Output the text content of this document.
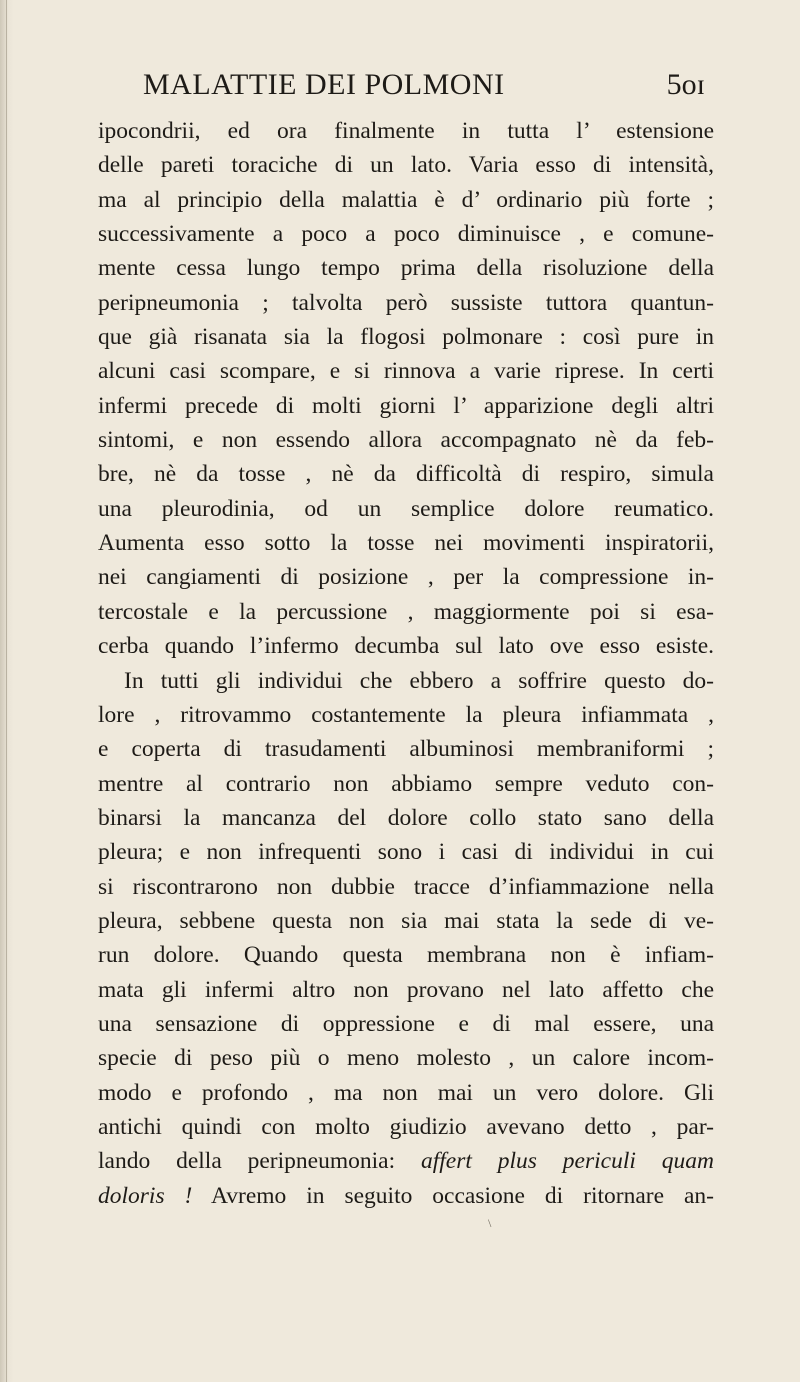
MALATTIE DEI POLMONI	5oɪ
ipocondrii, ed ora finalmente in tutta l’ estensione
delle pareti toraciche di un lato. Varia esso di intensità,
ma al principio della malattia è d’ ordinario più forte ;
successivamente a poco a poco diminuisce , e comune-
mente cessa lungo tempo prima della risoluzione della
peripneumonia ; talvolta però sussiste tuttora quantun-
que già risanata sia la flogosi polmonare : così pure in
alcuni casi scompare, e si rinnova a varie riprese. In certi
infermi precede di molti giorni l’ apparizione degli altri
sintomi, e non essendo allora accompagnato nè da feb-
bre, nè da tosse , nè da difficoltà di respiro, simula
una pleurodinia, od un semplice dolore reumatico.
Aumenta esso sotto la tosse nei movimenti inspiratorii,
nei cangiamenti di posizione , per la compressione in-
tercostale e la percussione , maggiormente poi si esa-
cerba quando l’infermo decumba sul lato ove esso esiste.
In tutti gli individui che ebbero a soffrire questo do-
lore , ritrovammo costantemente la pleura infiammata ,
e coperta di trasudamenti albuminosi membraniformi ;
mentre al contrario non abbiamo sempre veduto con-
binarsi la mancanza del dolore collo stato sano della
pleura; e non infrequenti sono i casi di individui in cui
si riscontrarono non dubbie tracce d’infiammazione nella
pleura, sebbene questa non sia mai stata la sede di ve-
run dolore. Quando questa membrana non è infiam-
mata gli infermi altro non provano nel lato affetto che
una sensazione di oppressione e di mal essere, una
specie di peso più o meno molesto , un calore incom-
modo e profondo , ma non mai un vero dolore. Gli
antichi quindi con molto giudizio avevano detto , par-
lando della peripneumonia: affert plus periculi quam
doloris ! Avremo in seguito occasione di ritornare an-
\
